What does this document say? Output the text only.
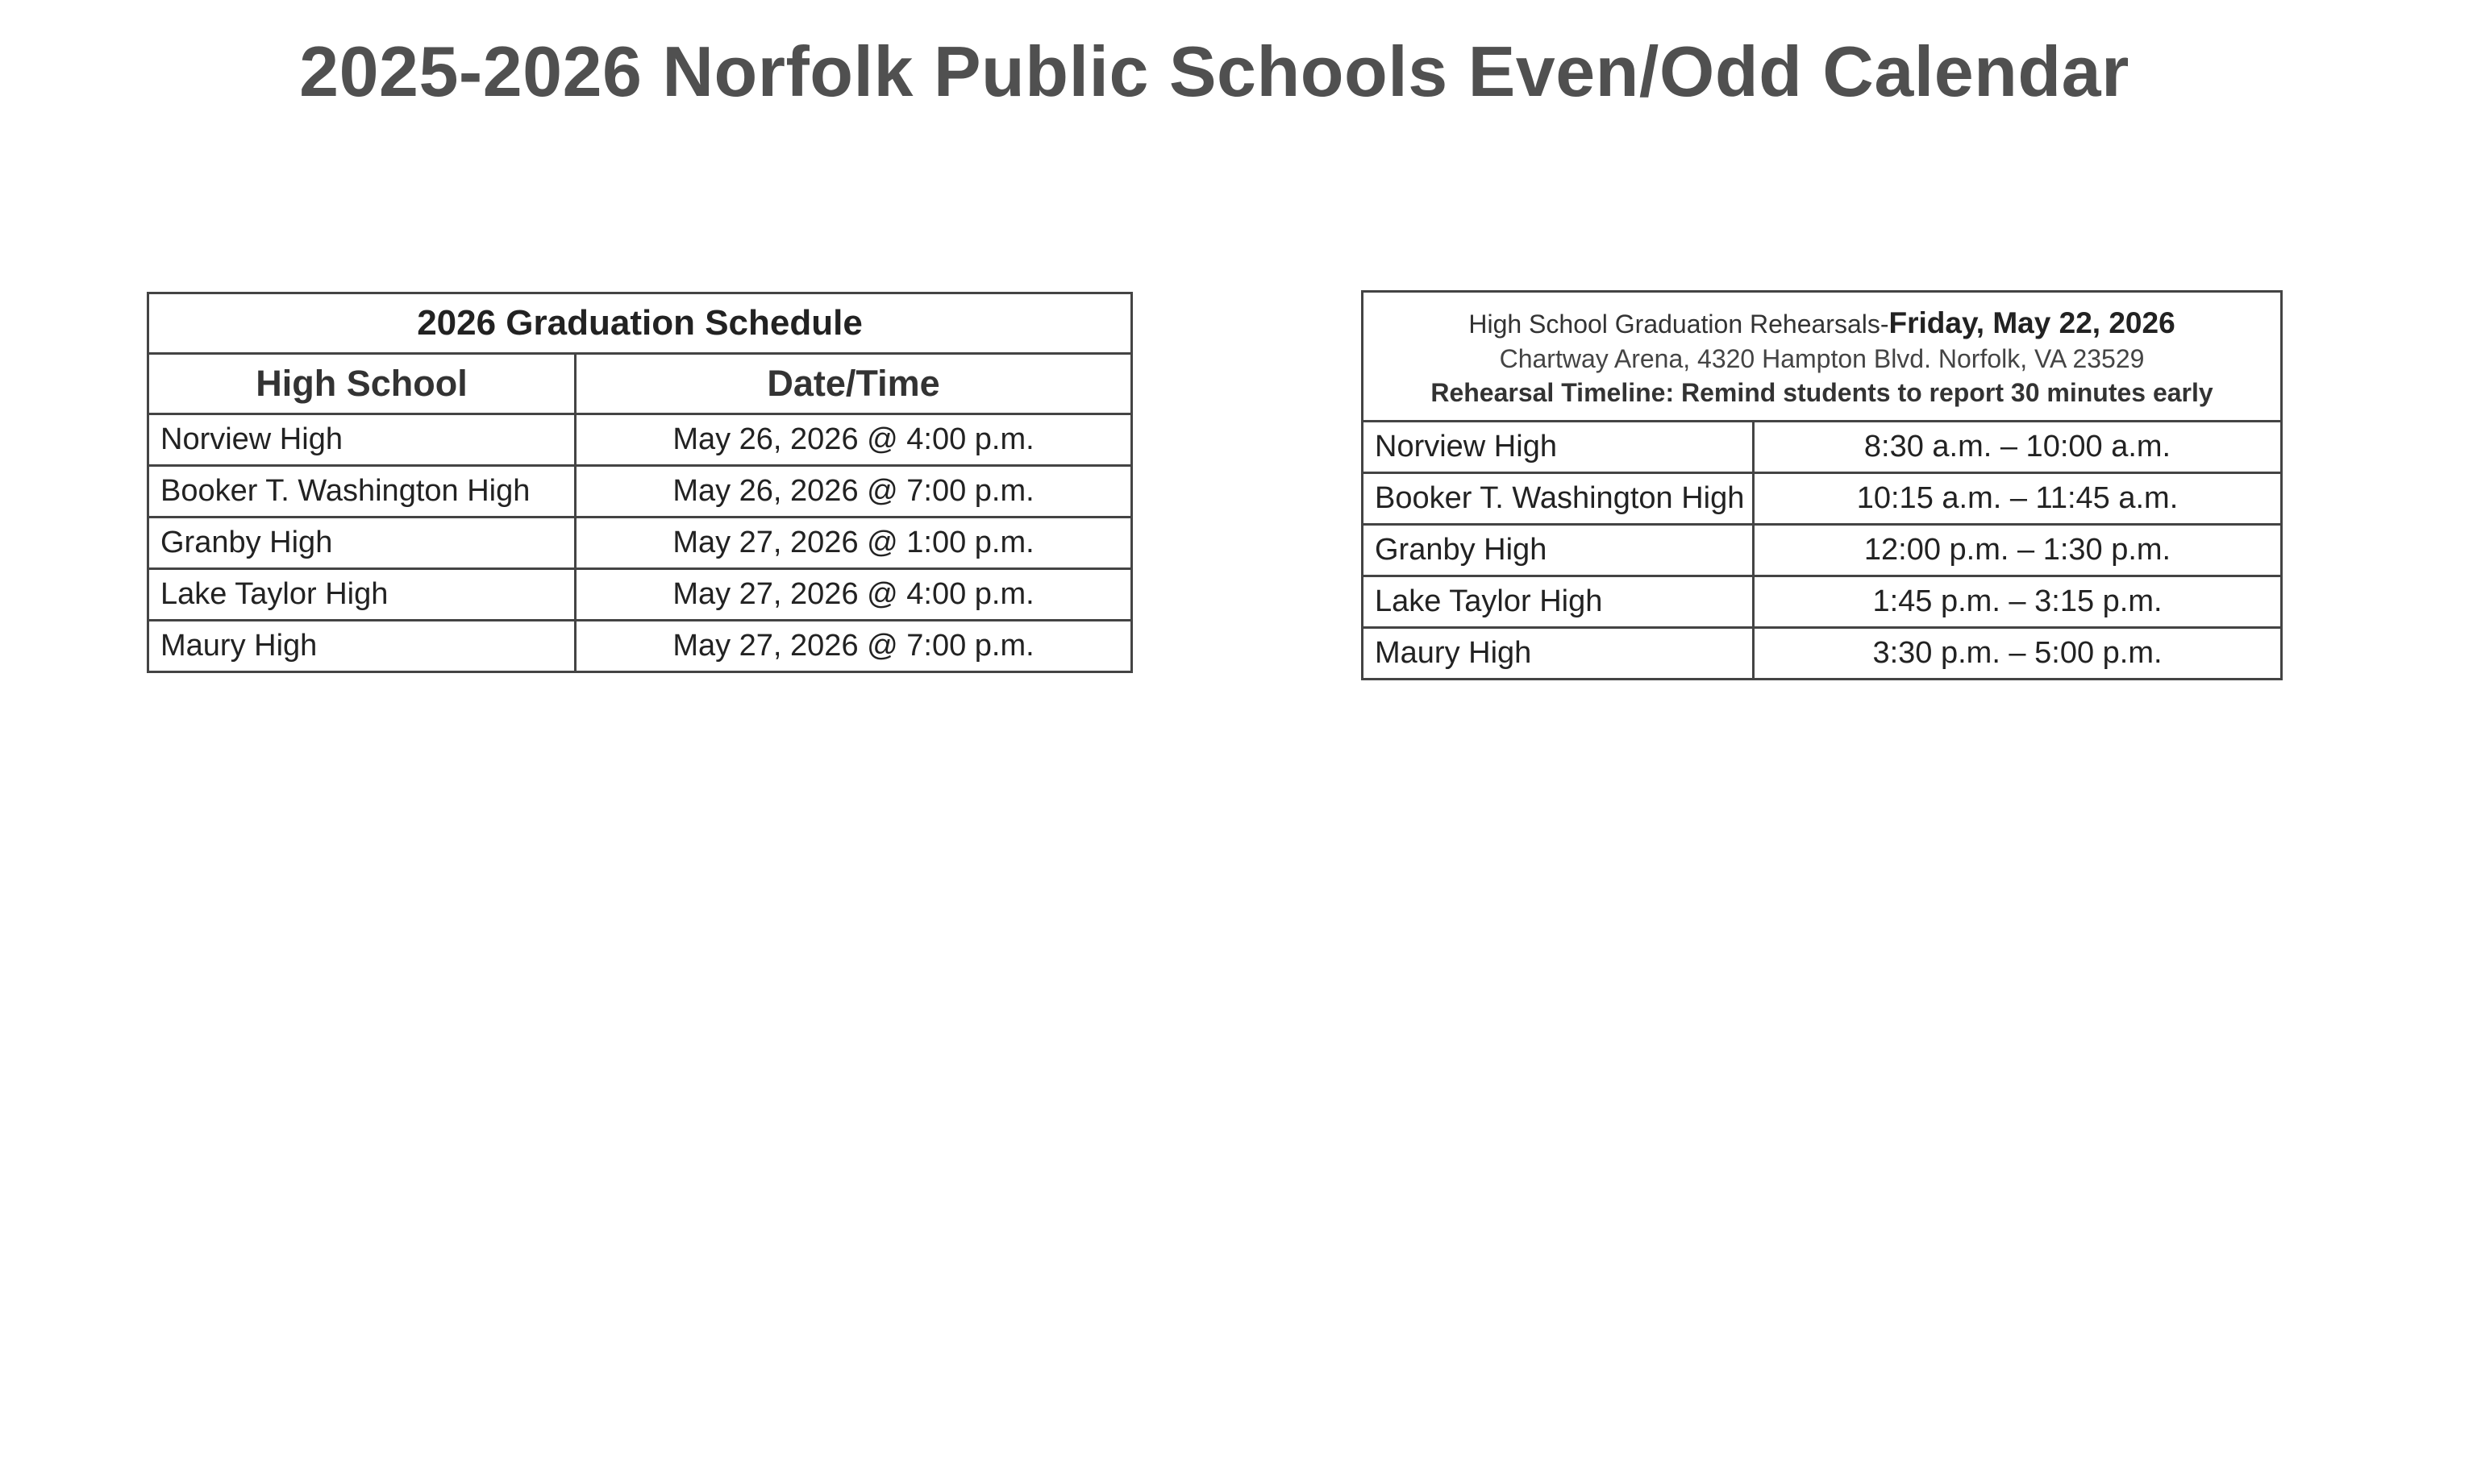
2025-2026 Norfolk Public Schools Even/Odd Calendar
2026 Graduation Schedule	
High School	Date/Time
Norview High	May 26, 2026 @ 4:00 p.m.
Booker T. Washington High	May 26, 2026 @ 7:00 p.m.
Granby High	May 27, 2026 @ 1:00 p.m.
Lake Taylor High	May 27, 2026 @ 4:00 p.m.
Maury High	May 27, 2026 @ 7:00 p.m.
High School Graduation Rehearsals-Friday, May 22, 2026
Chartway Arena, 4320 Hampton Blvd. Norfolk, VA 23529
Rehearsal Timeline: Remind students to report 30 minutes early	

Norview High	8:30 a.m. – 10:00 a.m.
Booker T. Washington High	10:15 a.m. – 11:45 a.m.
Granby High	12:00 p.m. – 1:30 p.m.
Lake Taylor High	1:45 p.m. – 3:15 p.m.
Maury High	3:30 p.m. – 5:00 p.m.
